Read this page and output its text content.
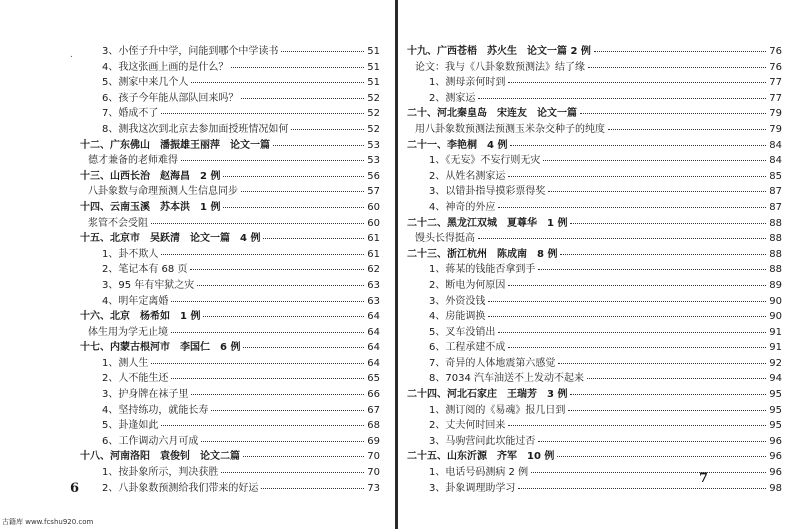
.	3、小侄子升中学，问能到哪个中学读书	51
4、我这张画上画的是什么？	51
5、测家中来几个人	51
6、孩子今年能从部队回来吗？	52
7、婚成不了	52
8、测我这次到北京去参加面授班情况如何	52
十二、广东佛山　潘振雄王丽萍　论文一篇	53
德才兼备的老师难得	53
十三、山西长治　赵海昌　2 例	56
八卦象数与命理预测人生信息同步	57
十四、云南玉溪　苏本洪　1 例	60
浆管不会受阻	60
十五、北京市　吴跃清　论文一篇　4 例	61
1、卦不欺人	61
2、笔记本有 68 页	62
3、95 年有牢狱之灾	63
4、明年定离婚	63
十六、北京　杨希如　1 例	64
体生用为学无止境	64
十七、内蒙古根河市　李国仁　6 例	64
1、测人生	64
2、人不能生还	65
3、护身牌在袜子里	66
4、坚持练功，就能长寿	67
5、卦逢如此	68
6、工作调动六月可成	69
十八、河南洛阳　袁俊钊　论文二篇	70
1、按卦象所示，判决获胜	70
2、八卦象数预测给我们带来的好运	73
6
十九、广西苍梧　苏火生　论文一篇 2 例	76
论文：我与《八卦象数预测法》结了缘	76
1、测母亲何时到	77
2、测家运	77
二十、河北秦皇岛　宋连友　论文一篇	79
用八卦象数预测法预测玉米杂交种子的纯度	79
二十一、李艳桐　4 例	84
1、《无妄》不妄行则无灾	84
2、从姓名测家运	85
3、以错卦指导摸彩票得奖	87
4、神奇的外应	87
二十二、黑龙江双城　夏尊华　1 例	88
馒头长得挺高	88
二十三、浙江杭州　陈成南　8 例	88
1、蒋某的钱能否拿到手	88
2、断电为何原因	89
3、外资没钱	90
4、房能调换	90
5、叉车没销出	91
6、工程承建不成	91
7、奇异的人体地震第六感觉	92
8、7034 汽车油送不上发动不起来	94
二十四、河北石家庄　王瑞芳　3 例	95
1、测订阅的《易魂》报几日到	95
2、丈夫何时回来	95
3、马驹营问此坎能过否	96
二十五、山东沂源　齐军　10 例	96
1、电话号码测病 2 例	96
3、卦象调理助学习	98
7
古籍库 www.fcshu920.com
